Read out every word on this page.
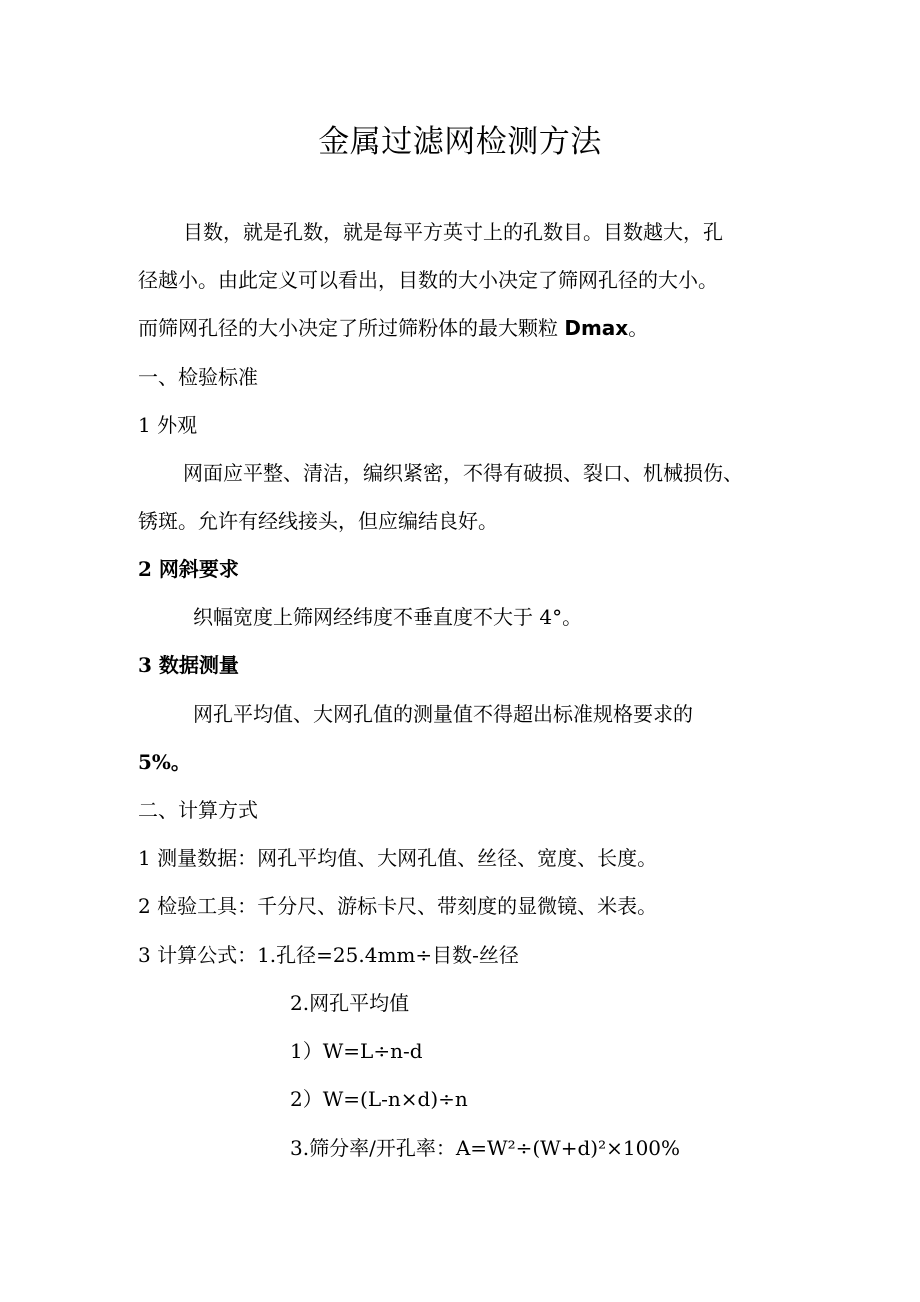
金属过滤网检测方法
目数，就是孔数，就是每平方英寸上的孔数目。目数越大，孔
径越小。由此定义可以看出，目数的大小决定了筛网孔径的大小。
而筛网孔径的大小决定了所过筛粉体的最大颗粒 Dmax。
一、检验标准
1 外观
网面应平整、清洁，编织紧密，不得有破损、裂口、机械损伤、
锈斑。允许有经线接头，但应编结良好。
2 网斜要求
织幅宽度上筛网经纬度不垂直度不大于 4°。
3 数据测量
网孔平均值、大网孔值的测量值不得超出标准规格要求的
5%。
二、计算方式
1 测量数据：网孔平均值、大网孔值、丝径、宽度、长度。
2 检验工具：千分尺、游标卡尺、带刻度的显微镜、米表。
3 计算公式：1.孔径=25.4mm÷目数-丝径
2.网孔平均值
1）W=L÷n-d
2）W=(L-n×d)÷n
3.筛分率/开孔率：A=W²÷(W+d)²×100%
